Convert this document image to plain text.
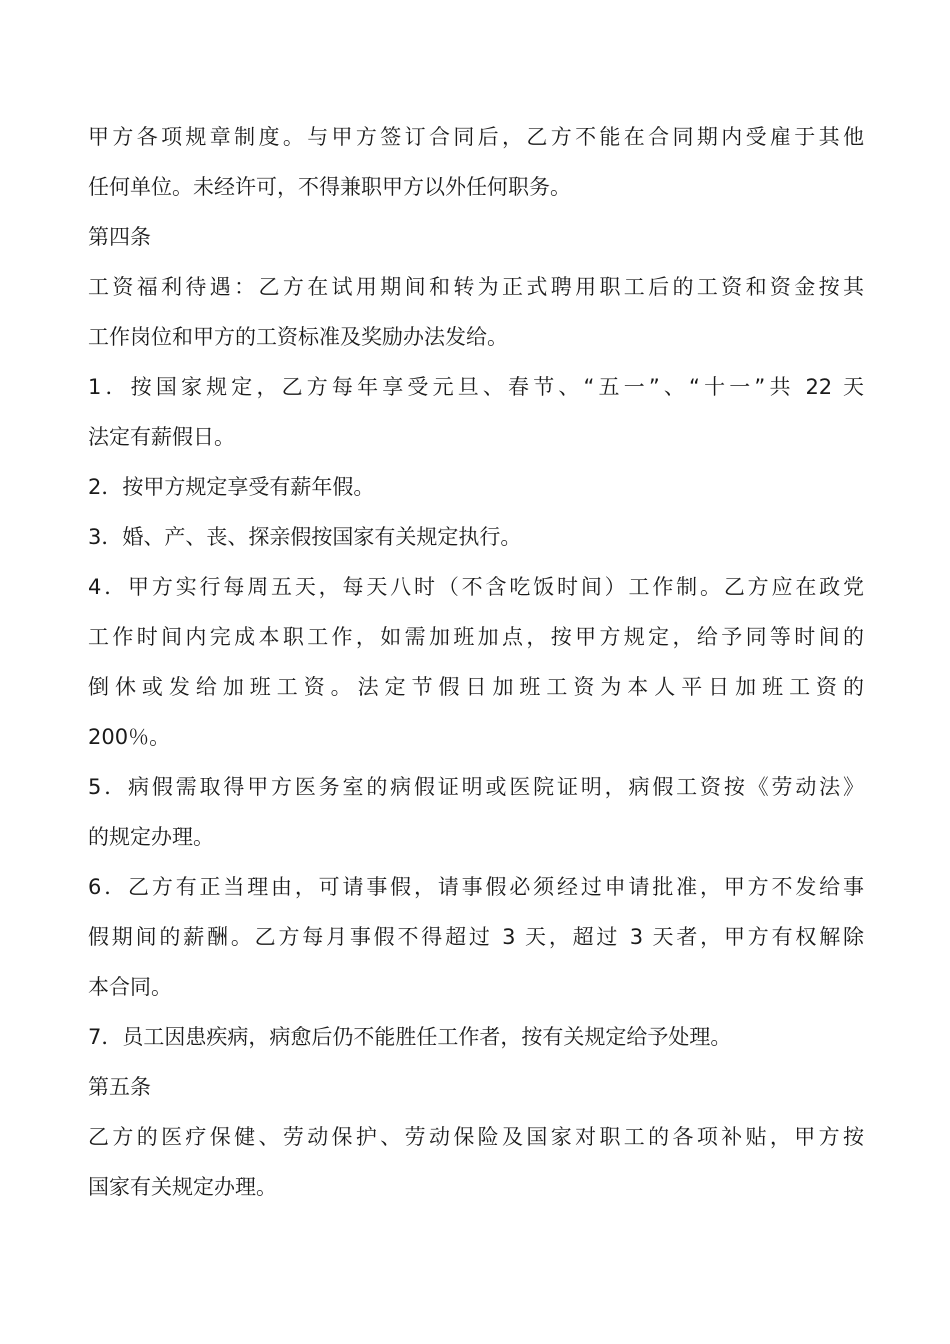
甲方各项规章制度。与甲方签订合同后，乙方不能在合同期内受雇于其他
任何单位。未经许可，不得兼职甲方以外任何职务。
第四条
工资福利待遇：乙方在试用期间和转为正式聘用职工后的工资和资金按其
工作岗位和甲方的工资标准及奖励办法发给。
1．按国家规定，乙方每年享受元旦、春节、“五一”、“十一”共 22 天
法定有薪假日。
2．按甲方规定享受有薪年假。
3．婚、产、丧、探亲假按国家有关规定执行。
4．甲方实行每周五天，每天八时（不含吃饭时间）工作制。乙方应在政党
工作时间内完成本职工作，如需加班加点，按甲方规定，给予同等时间的
倒休或发给加班工资。法定节假日加班工资为本人平日加班工资的
200％。
5．病假需取得甲方医务室的病假证明或医院证明，病假工资按《劳动法》
的规定办理。
6．乙方有正当理由，可请事假，请事假必须经过申请批准，甲方不发给事
假期间的薪酬。乙方每月事假不得超过 3 天，超过 3 天者，甲方有权解除
本合同。
7．员工因患疾病，病愈后仍不能胜任工作者，按有关规定给予处理。
第五条
乙方的医疗保健、劳动保护、劳动保险及国家对职工的各项补贴，甲方按
国家有关规定办理。
